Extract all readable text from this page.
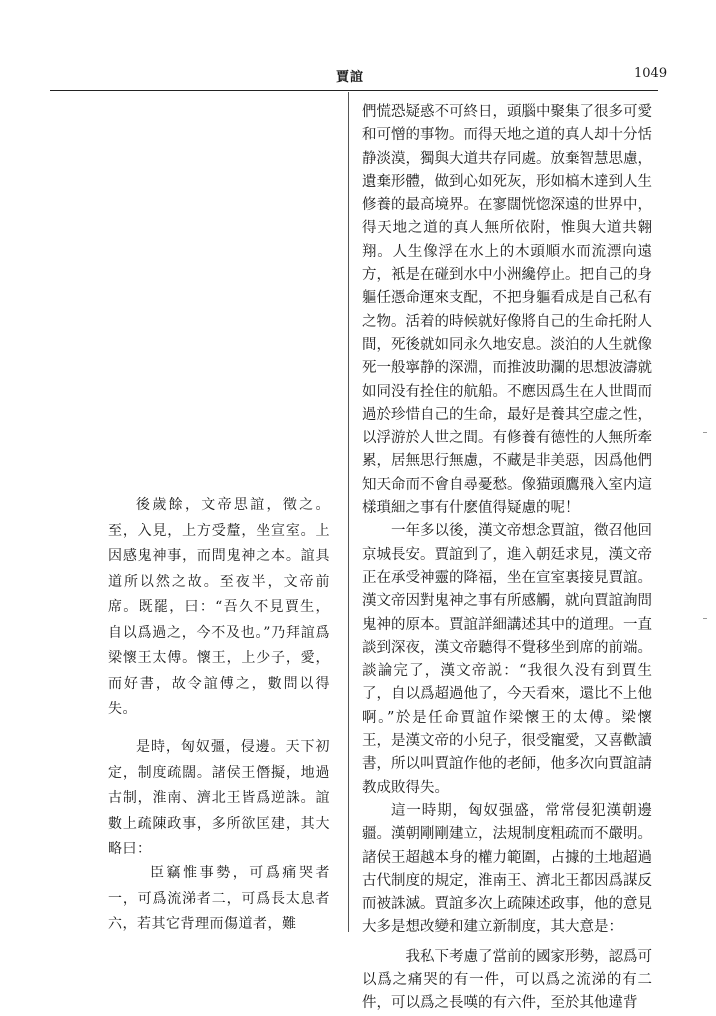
賈誼	1049

後歲餘，文帝思誼，徵之。至，入見，上方受釐，坐宣室。上因感鬼神事，而問鬼神之本。誼具道所以然之故。至夜半，文帝前席。既罷，曰：“吾久不見賈生，自以爲過之，今不及也。”乃拜誼爲梁懷王太傅。懷王，上少子，愛，而好書，故令誼傅之，數問以得失。

是時，匈奴彊，侵邊。天下初定，制度疏闊。諸侯王僭擬，地過古制，淮南、濟北王皆爲逆誅。誼數上疏陳政事，多所欲匡建，其大略曰：

臣竊惟事勢，可爲痛哭者一，可爲流涕者二，可爲長太息者六，若其它背理而傷道者，難

們慌恐疑惑不可終日，頭腦中聚集了很多可愛和可憎的事物。而得天地之道的真人却十分恬静淡漠，獨與大道共存同處。放棄智慧思慮，遺棄形體，做到心如死灰，形如槁木達到人生修養的最高境界。在寥闊恍惚深遠的世界中，得天地之道的真人無所依附，惟與大道共翱翔。人生像浮在水上的木頭順水而流漂向遠方，衹是在碰到水中小洲纔停止。把自己的身軀任憑命運來支配，不把身軀看成是自己私有之物。活着的時候就好像將自己的生命托附人間，死後就如同永久地安息。淡泊的人生就像死一般寧静的深淵，而推波助瀾的思想波濤就如同没有拴住的航船。不應因爲生在人世間而過於珍惜自己的生命，最好是養其空虚之性，以浮游於人世之間。有修養有德性的人無所牽累，居無思行無慮，不藏是非美惡，因爲他們知天命而不會自尋憂愁。像猫頭鷹飛入室内這樣瑣細之事有什麽值得疑慮的呢！

一年多以後，漢文帝想念賈誼，徵召他回京城長安。賈誼到了，進入朝廷求見，漢文帝正在承受神靈的降福，坐在宣室裏接見賈誼。漢文帝因對鬼神之事有所感觸，就向賈誼詢問鬼神的原本。賈誼詳細講述其中的道理。一直談到深夜，漢文帝聽得不覺移坐到席的前端。談論完了，漢文帝説：“我很久没有到賈生了，自以爲超過他了，今天看來，還比不上他啊。”於是任命賈誼作梁懷王的太傅。梁懷王，是漢文帝的小兒子，很受寵愛，又喜歡讀書，所以叫賈誼作他的老師，他多次向賈誼請教成敗得失。

這一時期，匈奴强盛，常常侵犯漢朝邊疆。漢朝剛剛建立，法規制度粗疏而不嚴明。諸侯王超越本身的權力範圍，占據的土地超過古代制度的規定，淮南王、濟北王都因爲謀反而被誅滅。賈誼多次上疏陳述政事，他的意見大多是想改變和建立新制度，其大意是：

我私下考慮了當前的國家形勢，認爲可以爲之痛哭的有一件，可以爲之流涕的有二件，可以爲之長嘆的有六件，至於其他違背
